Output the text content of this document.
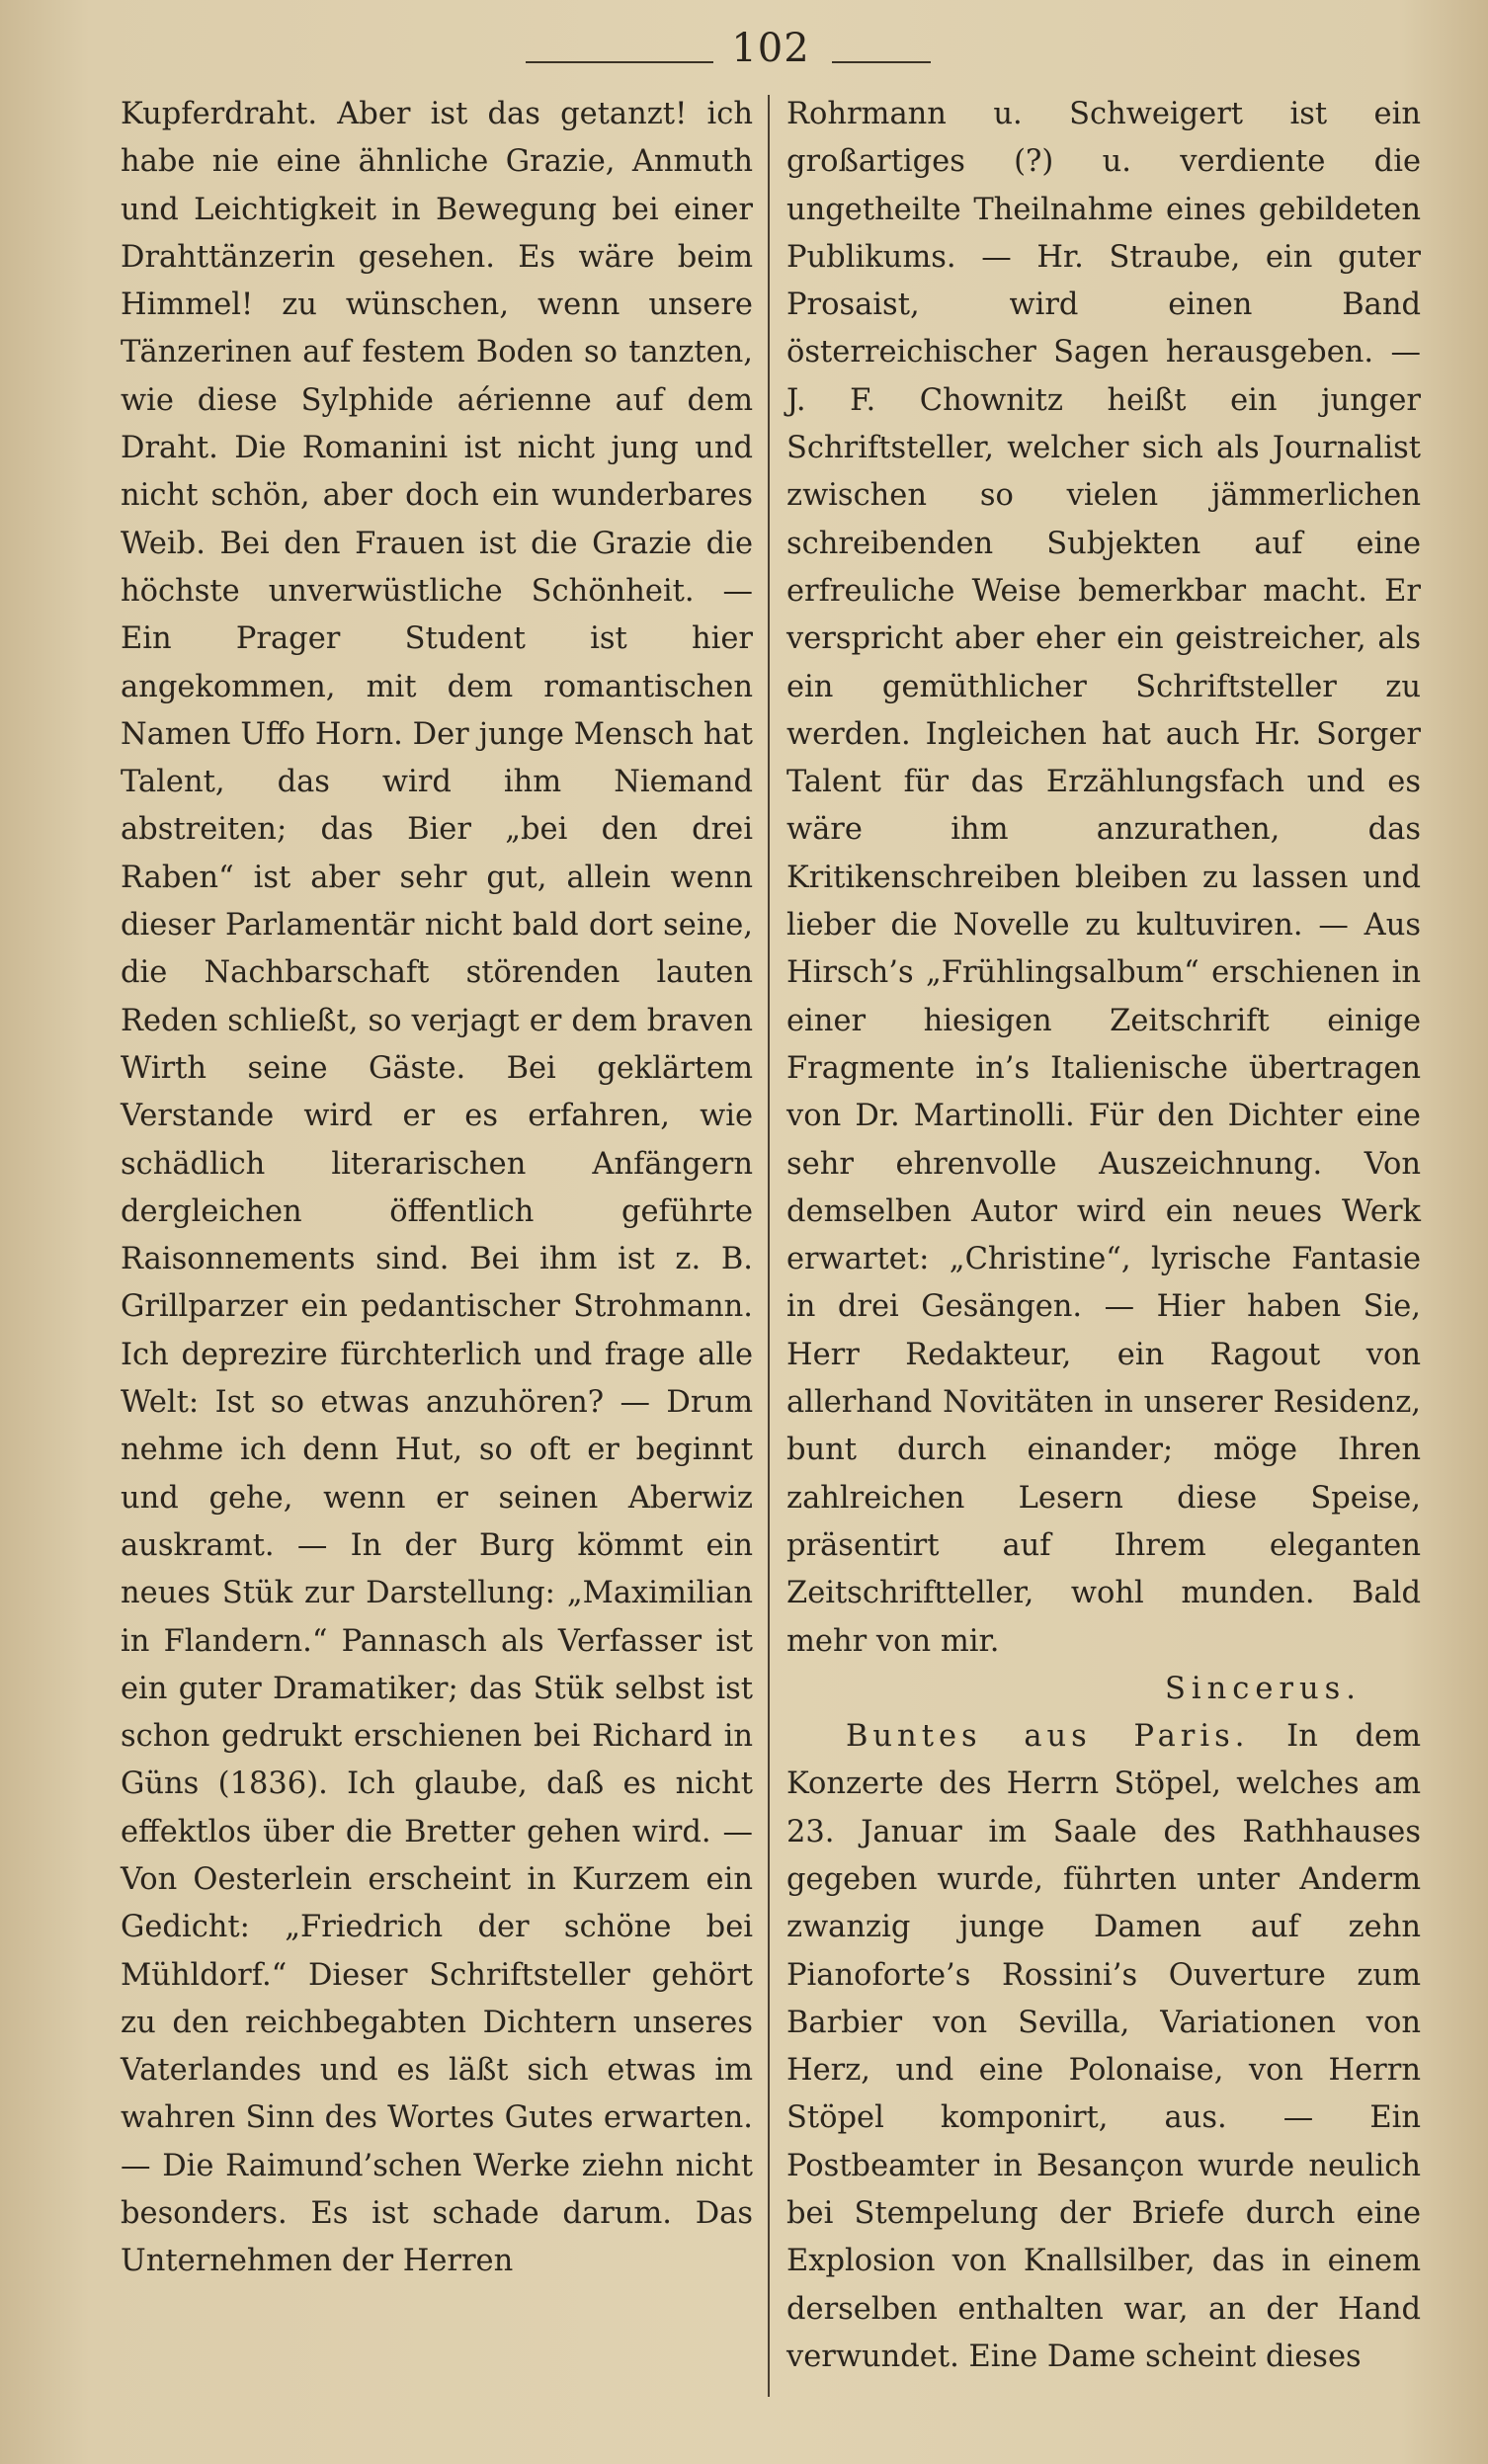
102

Kupferdraht. Aber ist das getanzt! ich habe nie eine ähnliche Grazie, Anmuth und Leichtigkeit in Bewegung bei einer Drahttänzerin gesehen. Es wäre beim Himmel! zu wünschen, wenn unsere Tänzerinen auf festem Boden so tanzten, wie diese Sylphide aérienne auf dem Draht. Die Romanini ist nicht jung und nicht schön, aber doch ein wunderbares Weib. Bei den Frauen ist die Grazie die höchste unverwüstliche Schönheit. — Ein Prager Student ist hier angekommen, mit dem romantischen Namen Uffo Horn. Der junge Mensch hat Talent, das wird ihm Niemand abstreiten; das Bier „bei den drei Raben“ ist aber sehr gut, allein wenn dieser Parlamentär nicht bald dort seine, die Nachbarschaft störenden lauten Reden schließt, so verjagt er dem braven Wirth seine Gäste. Bei geklärtem Verstande wird er es erfahren, wie schädlich literarischen Anfängern dergleichen öffentlich geführte Raisonnements sind. Bei ihm ist z. B. Grillparzer ein pedantischer Strohmann. Ich deprezire fürchterlich und frage alle Welt: Ist so etwas anzuhören? — Drum nehme ich denn Hut, so oft er beginnt und gehe, wenn er seinen Aberwiz auskramt. — In der Burg kömmt ein neues Stük zur Darstellung: „Maximilian in Flandern.“ Pannasch als Verfasser ist ein guter Dramatiker; das Stük selbst ist schon gedrukt erschienen bei Richard in Güns (1836). Ich glaube, daß es nicht effektlos über die Bretter gehen wird. — Von Oesterlein erscheint in Kurzem ein Gedicht: „Friedrich der schöne bei Mühldorf.“ Dieser Schriftsteller gehört zu den reichbegabten Dichtern unseres Vaterlandes und es läßt sich etwas im wahren Sinn des Wortes Gutes erwarten. — Die Raimund’schen Werke ziehn nicht besonders. Es ist schade darum. Das Unternehmen der Herren

Rohrmann u. Schweigert ist ein großartiges (?) u. verdiente die ungetheilte Theilnahme eines gebildeten Publikums. — Hr. Straube, ein guter Prosaist, wird einen Band österreichischer Sagen herausgeben. — J. F. Chownitz heißt ein junger Schriftsteller, welcher sich als Journalist zwischen so vielen jämmerlichen schreibenden Subjekten auf eine erfreuliche Weise bemerkbar macht. Er verspricht aber eher ein geistreicher, als ein gemüthlicher Schriftsteller zu werden. Ingleichen hat auch Hr. Sorger Talent für das Erzählungsfach und es wäre ihm anzurathen, das Kritikenschreiben bleiben zu lassen und lieber die Novelle zu kultuviren. — Aus Hirsch’s „Frühlingsalbum“ erschienen in einer hiesigen Zeitschrift einige Fragmente in’s Italienische übertragen von Dr. Martinolli. Für den Dichter eine sehr ehrenvolle Auszeichnung. Von demselben Autor wird ein neues Werk erwartet: „Christine“, lyrische Fantasie in drei Gesängen. — Hier haben Sie, Herr Redakteur, ein Ragout von allerhand Novitäten in unserer Residenz, bunt durch einander; möge Ihren zahlreichen Lesern diese Speise, präsentirt auf Ihrem eleganten Zeitschriftteller, wohl munden. Bald mehr von mir.

Sincerus.

Buntes aus Paris. In dem Konzerte des Herrn Stöpel, welches am 23. Januar im Saale des Rathhauses gegeben wurde, führten unter Anderm zwanzig junge Damen auf zehn Pianoforte’s Rossini’s Ouverture zum Barbier von Sevilla, Variationen von Herz, und eine Polonaise, von Herrn Stöpel komponirt, aus. — Ein Postbeamter in Besançon wurde neulich bei Stempelung der Briefe durch eine Explosion von Knallsilber, das in einem derselben enthalten war, an der Hand verwundet. Eine Dame scheint dieses
